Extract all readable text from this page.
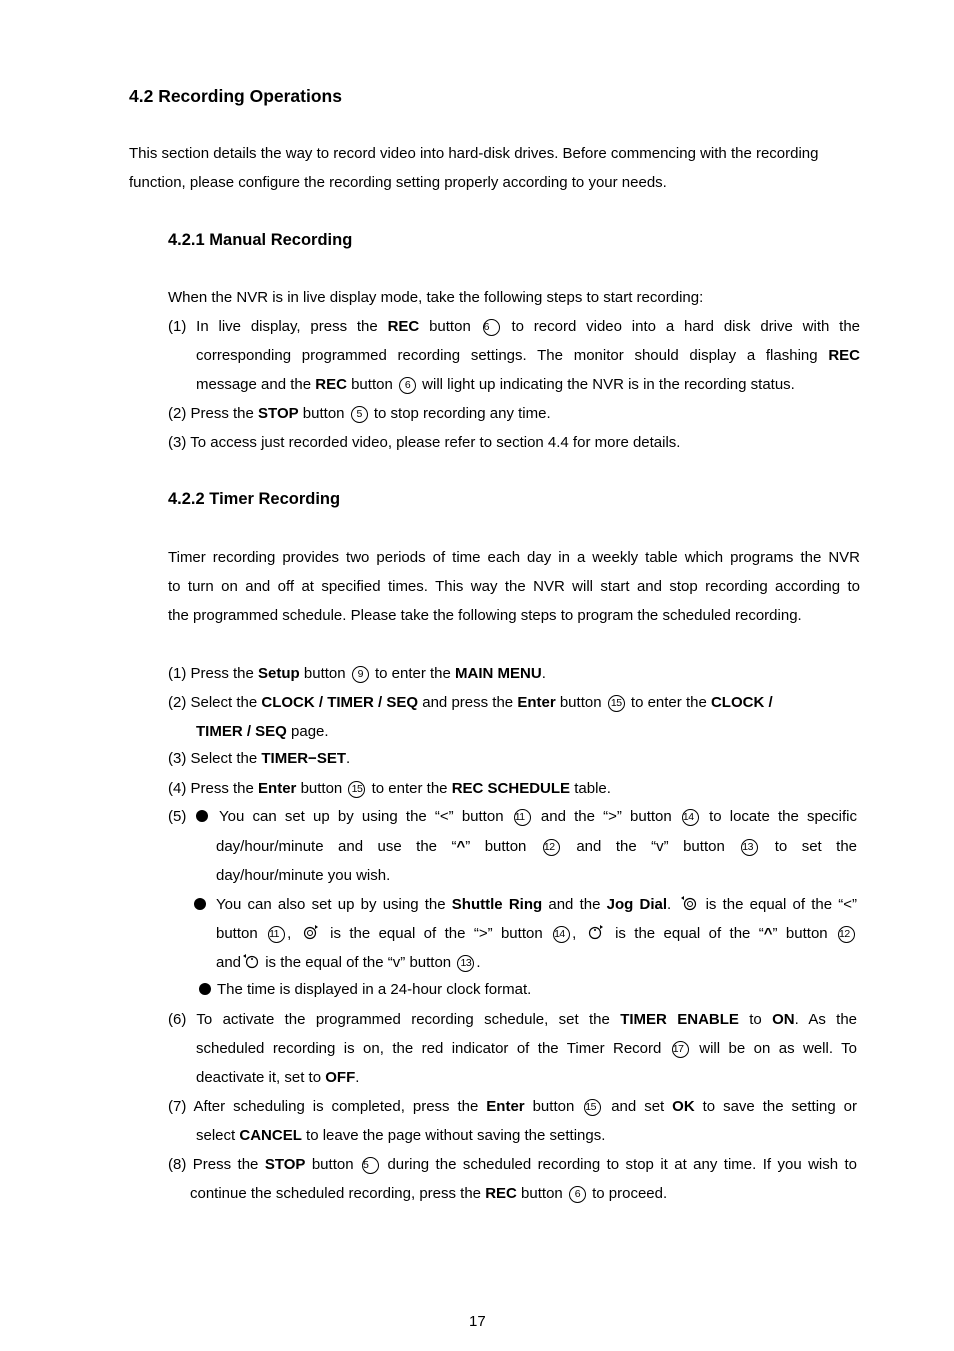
4.2 Recording Operations
This section details the way to record video into hard-disk drives. Before commencing with the recording
function, please configure the recording setting properly according to your needs.
4.2.1 Manual Recording
When the NVR is in live display mode, take the following steps to start recording:
(1) In live display, press the REC button 6 to record video into a hard disk drive with the
corresponding programmed recording settings. The monitor should display a flashing REC
message and the REC button 6 will light up indicating the NVR is in the recording status.
(2) Press the STOP button 5 to stop recording any time.
(3) To access just recorded video, please refer to section 4.4 for more details.
4.2.2 Timer Recording
Timer recording provides two periods of time each day in a weekly table which programs the NVR
to turn on and off at specified times. This way the NVR will start and stop recording according to
the programmed schedule. Please take the following steps to program the scheduled recording.
(1) Press the Setup button 9 to enter the MAIN MENU.
(2) Select the CLOCK / TIMER / SEQ and press the Enter button 15 to enter the CLOCK /
TIMER / SEQ page.
(3) Select the TIMER−SET.
(4) Press the Enter button 15 to enter the REC SCHEDULE table.
(5) You can set up by using the “<” button 11 and the “>” button 14 to locate the specific
day/hour/minute and use the “^” button 12 and the “v” button 13 to set the
day/hour/minute you wish.
You can also set up by using the Shuttle Ring and the Jog Dial. is the equal of the “<”
button 11 ,	is the equal of the “>” button 14 ,	is the equal of the “^” button 12
and is the equal of the “v” button 13 .
The time is displayed in a 24-hour clock format.
(6) To activate the programmed recording schedule, set the TIMER ENABLE to ON. As the
scheduled recording is on, the red indicator of the Timer Record 17 will be on as well. To
deactivate it, set to OFF.
(7) After scheduling is completed, press the Enter button 15 and set OK to save the setting or
select CANCEL to leave the page without saving the settings.
(8) Press the STOP button 5 during the scheduled recording to stop it at any time. If you wish to
continue the scheduled recording, press the REC button 6 to proceed.
17
